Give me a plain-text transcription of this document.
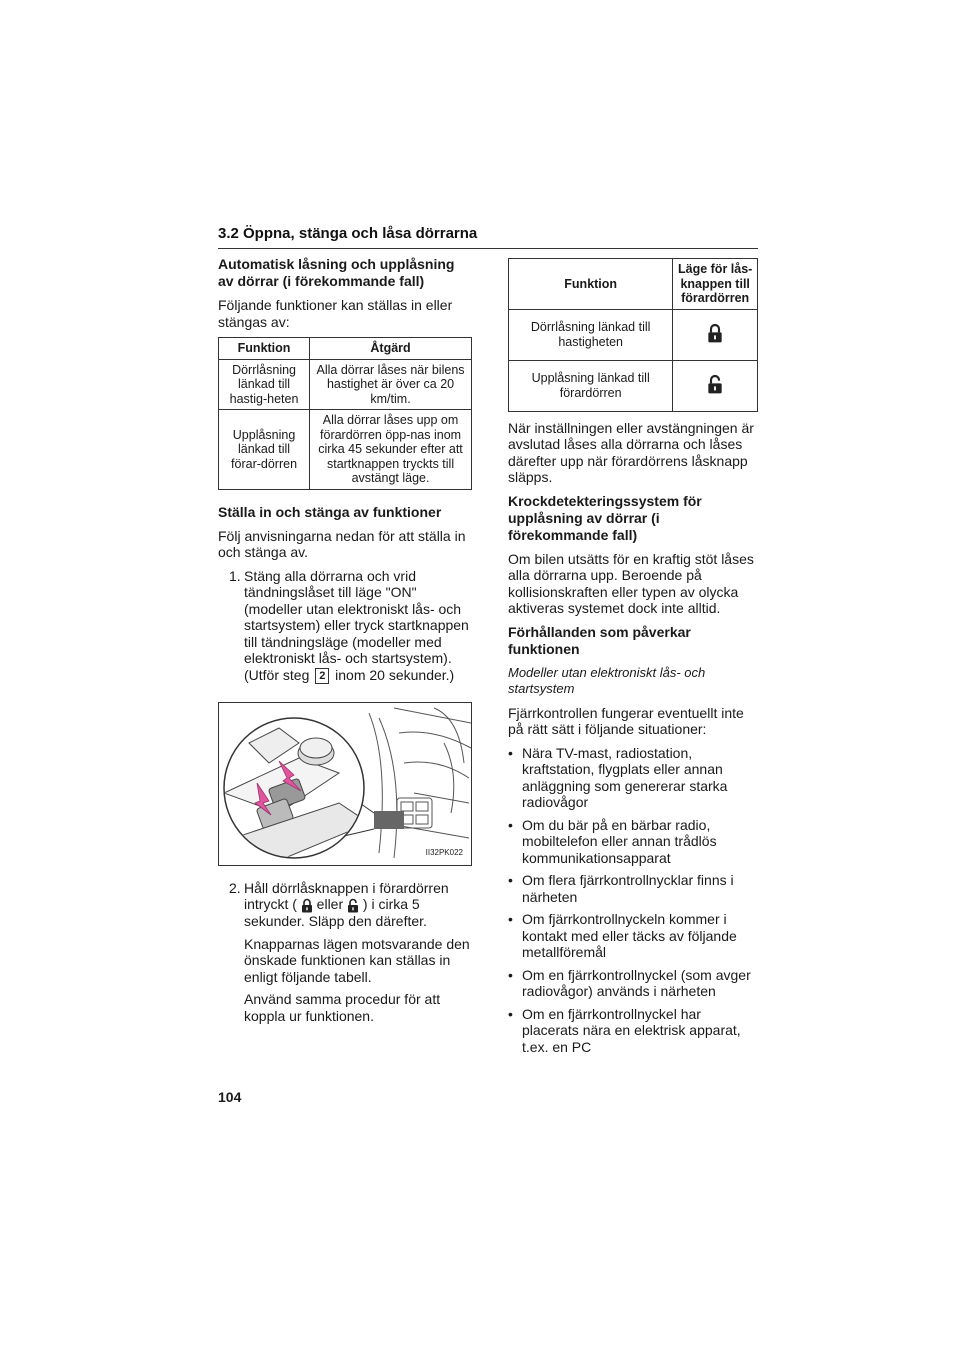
3.2 Öppna, stänga och låsa dörrarna
Automatisk låsning och upplåsning av dörrar (i förekommande fall)

Följande funktioner kan ställas in eller stängas av:

Funktion	Åtgärd
Dörrlåsning länkad till hastig-heten	Alla dörrar låses när bilens hastighet är över ca 20 km/tim.
Upplåsning länkad till förar-dörren	Alla dörrar låses upp om förardörren öpp-nas inom cirka 45 sekunder efter att startknappen tryckts till avstängt läge.
Ställa in och stänga av funktioner

Följ anvisningarna nedan för att ställa in och stänga av.

1. Stäng alla dörrarna och vrid tändningslåset till läge "ON" (modeller utan elektroniskt lås- och startsystem) eller tryck startknappen till tändningsläge (modeller med elektroniskt lås- och startsystem). (Utför steg 2 inom 20 sekunder.)
II32PK022
2. Håll dörrlåsknappen i förardörren intryckt ( eller ) i cirka 5 sekunder. Släpp den därefter.

Knapparnas lägen motsvarande den önskade funktionen kan ställas in enligt följande tabell.

Använd samma procedur för att koppla ur funktionen.

Funktion	Läge för lås-knappen till förardörren
Dörrlåsning länkad till hastigheten	
Upplåsning länkad till förardörren	

När inställningen eller avstängningen är avslutad låses alla dörrarna och låses därefter upp när förardörrens låsknapp släpps.

Krockdetekteringssystem för upplåsning av dörrar (i förekommande fall)

Om bilen utsätts för en kraftig stöt låses alla dörrarna upp. Beroende på kollisionskraften eller typen av olycka aktiveras systemet dock inte alltid.

Förhållanden som påverkar funktionen

Modeller utan elektroniskt lås- och startsystem

Fjärrkontrollen fungerar eventuellt inte på rätt sätt i följande situationer:

• Nära TV-mast, radiostation, kraftstation, flygplats eller annan anläggning som genererar starka radiovågor
• Om du bär på en bärbar radio, mobiltelefon eller annan trådlös kommunikationsapparat
• Om flera fjärrkontrollnycklar finns i närheten
• Om fjärrkontrollnyckeln kommer i kontakt med eller täcks av följande metallföremål
• Om en fjärrkontrollnyckel (som avger radiovågor) används i närheten
• Om en fjärrkontrollnyckel har placerats nära en elektrisk apparat, t.ex. en PC
104
